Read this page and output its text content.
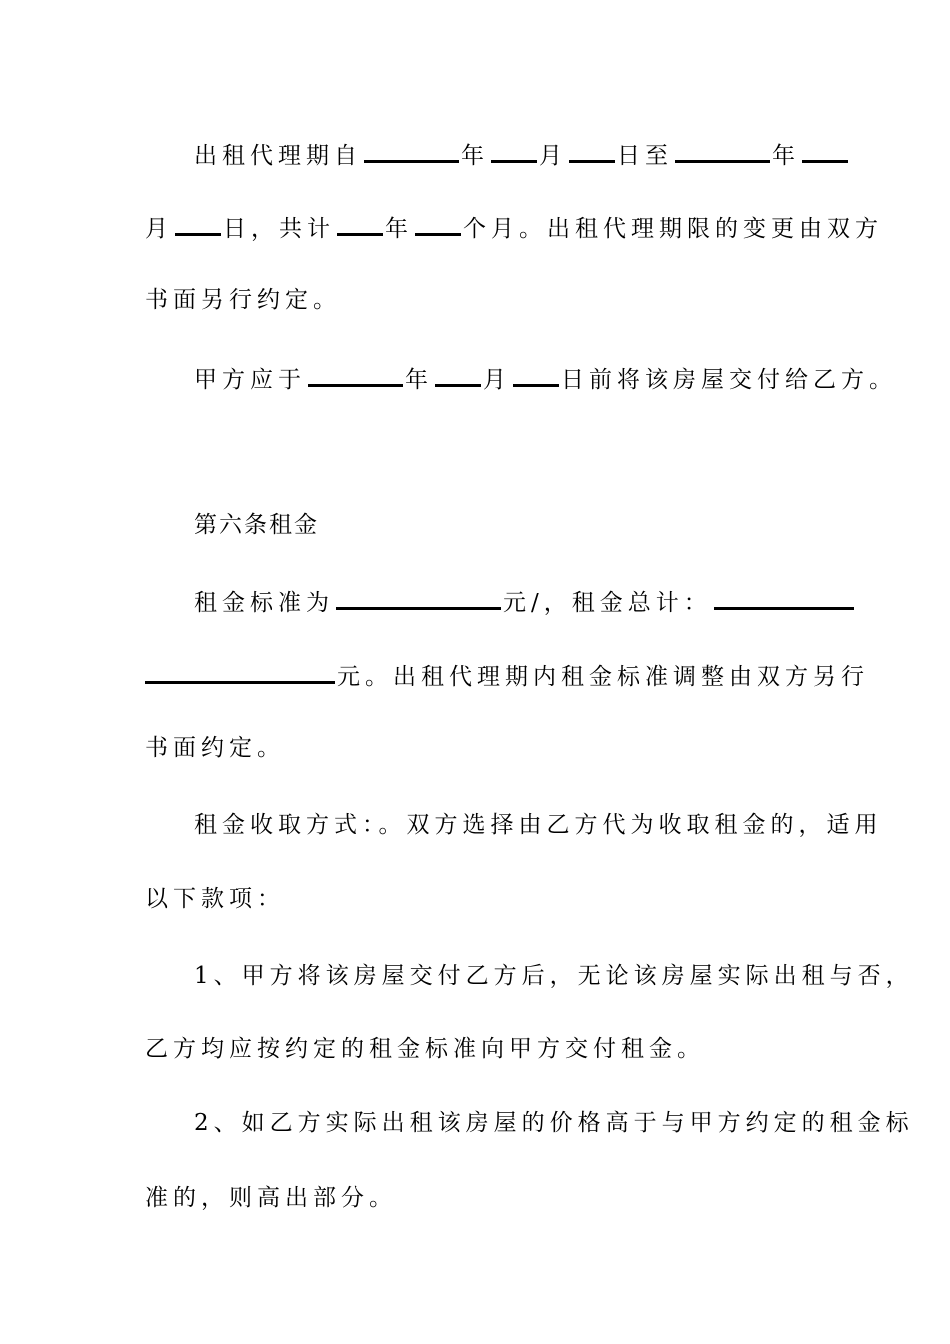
出租代理期自	年 月 日至	年
月 日，共计 年 个月。出租代理期限的变更由双方
书面另行约定。
甲方应于	年 月 日前将该房屋交付给乙方。
第六条租金
租金标准为	元/，租金总计：
元。出租代理期内租金标准调整由双方另行
书面约定。
租金收取方式：。双方选择由乙方代为收取租金的，适用
以下款项：
1、甲方将该房屋交付乙方后，无论该房屋实际出租与否，
乙方均应按约定的租金标准向甲方交付租金。
2、如乙方实际出租该房屋的价格高于与甲方约定的租金标
准的，则高出部分。
